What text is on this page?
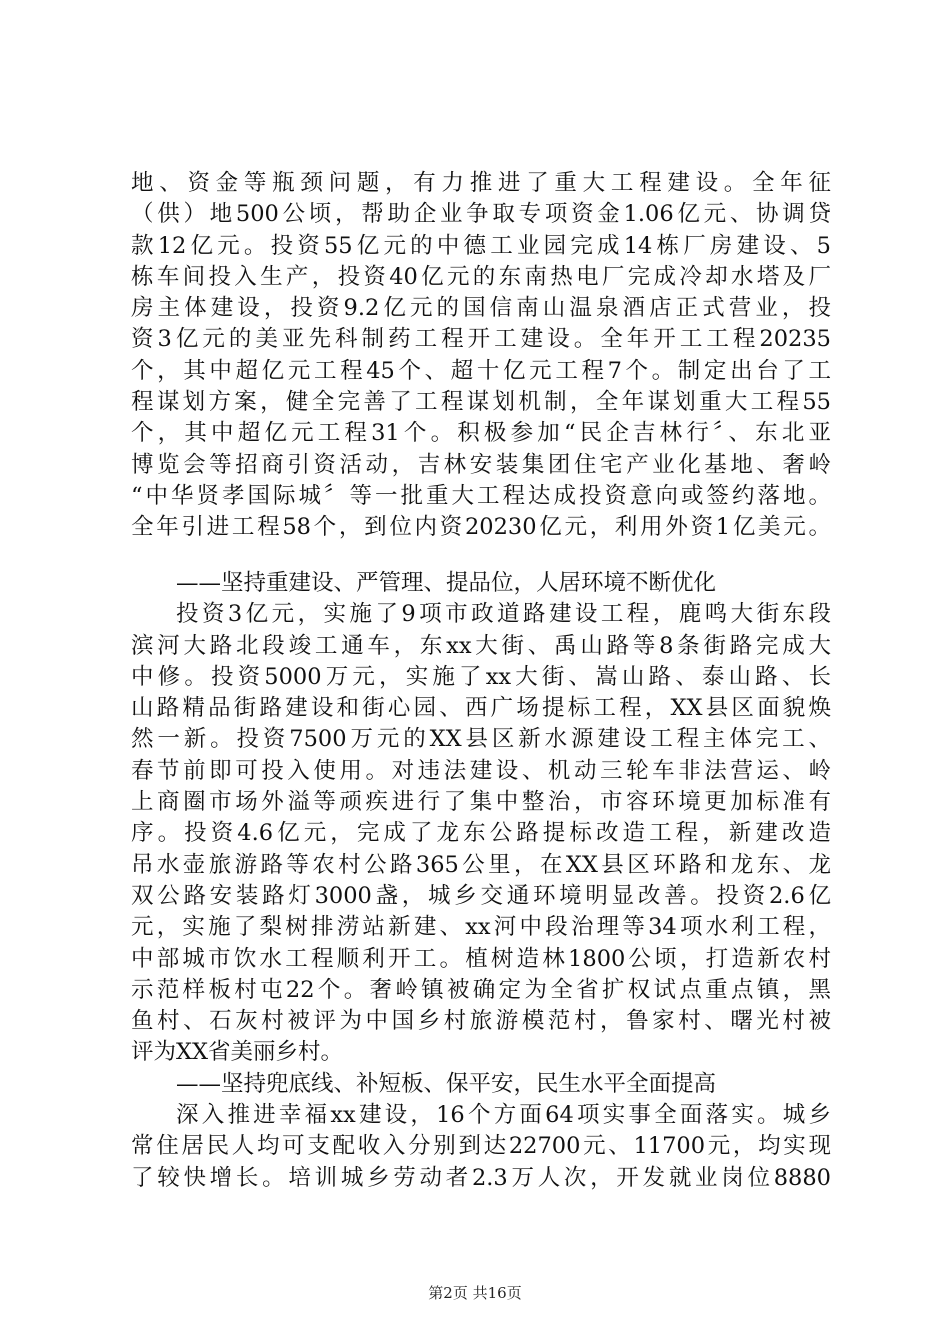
地、资金等瓶颈问题，有力推进了重大工程建设。全年征
（供）地500公顷，帮助企业争取专项资金1.06亿元、协调贷
款12亿元。投资55亿元的中德工业园完成14栋厂房建设、5
栋车间投入生产，投资40亿元的东南热电厂完成冷却水塔及厂
房主体建设，投资9.2亿元的国信南山温泉酒店正式营业，投
资3亿元的美亚先科制药工程开工建设。全年开工工程20235
个，其中超亿元工程45个、超十亿元工程7个。制定出台了工
程谋划方案，健全完善了工程谋划机制，全年谋划重大工程55
个，其中超亿元工程31个。积极参加“民企吉林行〞、东北亚
博览会等招商引资活动，吉林安装集团住宅产业化基地、奢岭
“中华贤孝国际城〞等一批重大工程达成投资意向或签约落地。
全年引进工程58个，到位内资20230亿元，利用外资1亿美元。
——坚持重建设、严管理、提品位，人居环境不断优化
投资3亿元，实施了9项市政道路建设工程，鹿鸣大街东段
滨河大路北段竣工通车，东xx大街、禹山路等8条街路完成大
中修。投资5000万元，实施了xx大街、嵩山路、泰山路、长
山路精品街路建设和街心园、西广场提标工程，XX县区面貌焕
然一新。投资7500万元的XX县区新水源建设工程主体完工、
春节前即可投入使用。对违法建设、机动三轮车非法营运、岭
上商圈市场外溢等顽疾进行了集中整治，市容环境更加标准有
序。投资4.6亿元，完成了龙东公路提标改造工程，新建改造
吊水壶旅游路等农村公路365公里，在XX县区环路和龙东、龙
双公路安装路灯3000盏，城乡交通环境明显改善。投资2.6亿
元，实施了梨树排涝站新建、xx河中段治理等34项水利工程，
中部城市饮水工程顺利开工。植树造林1800公顷，打造新农村
示范样板村屯22个。奢岭镇被确定为全省扩权试点重点镇，黑
鱼村、石灰村被评为中国乡村旅游模范村，鲁家村、曙光村被
评为XX省美丽乡村。
——坚持兜底线、补短板、保平安，民生水平全面提高
深入推进幸福xx建设，16个方面64项实事全面落实。城乡
常住居民人均可支配收入分别到达22700元、11700元，均实现
了较快增长。培训城乡劳动者2.3万人次，开发就业岗位8880
第2页 共16页
